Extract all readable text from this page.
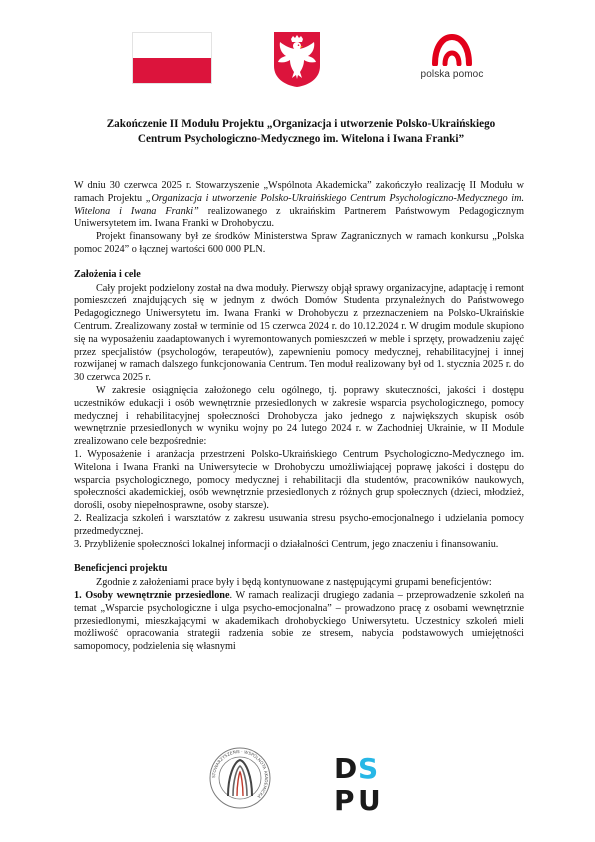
polska pomoc
Zakończenie II Modułu Projektu „Organizacja i utworzenie Polsko-Ukraińskiego
Centrum Psychologiczno-Medycznego im. Witelona i Iwana Franki”

W dniu 30 czerwca 2025 r. Stowarzyszenie „Wspólnota Akademicka” zakończyło realizację II Modułu w ramach Projektu „Organizacja i utworzenie Polsko-Ukraińskiego Centrum Psychologiczno-Medycznego im. Witelona i Iwana Franki” realizowanego z ukraińskim Partnerem Państwowym Pedagogicznym Uniwersytetem im. Iwana Franki w Drohobyczu.

Projekt finansowany był ze środków Ministerstwa Spraw Zagranicznych w ramach konkursu „Polska pomoc 2024” o łącznej wartości 600 000 PLN.

Założenia i cele

Cały projekt podzielony został na dwa moduły. Pierwszy objął sprawy organizacyjne, adaptację i remont pomieszczeń znajdujących się w jednym z dwóch Domów Studenta przynależnych do Państwowego Pedagogicznego Uniwersytetu im. Iwana Franki w Drohobyczu z przeznaczeniem na Polsko-Ukraińskie Centrum. Zrealizowany został w terminie od 15 czerwca 2024 r. do 10.12.2024 r. W drugim module skupiono się na wyposażeniu zaadaptowanych i wyremontowanych pomieszczeń w meble i sprzęty, prowadzeniu zajęć przez specjalistów (psychologów, terapeutów), zapewnieniu pomocy medycznej, rehabilitacyjnej i innej rozwijanej w ramach dalszego funkcjonowania Centrum. Ten moduł realizowany był od 1. stycznia 2025 r. do 30 czerwca 2025 r.

W zakresie osiągnięcia założonego celu ogólnego, tj. poprawy skuteczności, jakości i dostępu uczestników edukacji i osób wewnętrznie przesiedlonych w zakresie wsparcia psychologicznego, pomocy medycznej i rehabilitacyjnej społeczności Drohobycza jako jednego z największych skupisk osób wewnętrznie przesiedlonych w wyniku wojny po 24 lutego 2024 r. w Zachodniej Ukrainie, w II Module zrealizowano cele bezpośrednie:

1. Wyposażenie i aranżacja przestrzeni Polsko-Ukraińskiego Centrum Psychologiczno-Medycznego im. Witelona i Iwana Franki na Uniwersytecie w Drohobyczu umożliwiającej poprawę jakości i dostępu do wsparcia psychologicznego, pomocy medycznej i rehabilitacji dla studentów, pracowników naukowych, społeczności akademickiej, osób wewnętrznie przesiedlonych z różnych grup społecznych (dzieci, młodzież, dorośli, osoby niepełnosprawne, osoby starsze).

2. Realizacja szkoleń i warsztatów z zakresu usuwania stresu psycho-emocjonalnego i udzielania pomocy przedmedycznej.

3. Przybliżenie społeczności lokalnej informacji o działalności Centrum, jego znaczeniu i finansowaniu.

Beneficjenci projektu

Zgodnie z założeniami prace były i będą kontynuowane z następującymi grupami beneficjentów:

1. Osoby wewnętrznie przesiedlone. W ramach realizacji drugiego zadania – przeprowadzenie szkoleń na temat „Wsparcie psychologiczne i ulga psycho-emocjonalna” – prowadzono pracę z osobami wewnętrznie przesiedlonymi, mieszkającymi w akademikach drohobyckiego Uniwersytetu. Uczestnicy szkoleń mieli możliwość opracowania strategii radzenia sobie ze stresem, nabycia podstawowych umiejętności samopomocy, podzielenia się własnymi

STOWARZYSZENIE · WSPÓLNOTA AKADEMICKA
D S
P U
